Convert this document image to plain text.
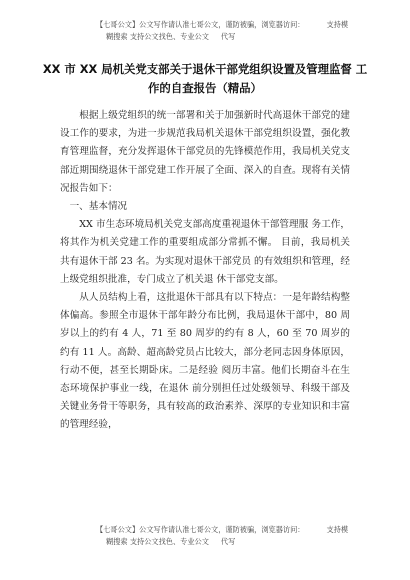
【七哥公文】公文写作请认准七哥公文，谨防被骗，浏览器访问：	支持模
糊搜索 支持公文找色、专业公文 代写
XX 市 XX 局机关党支部关于退休干部党组织设置及管理监督 工作的自查报告（精品）

根据上级党组织的统一部署和关于加强新时代高退休干部党的建设工作的要求，为进一步规范我局机关退休干部党组织设置，强化教育管理监督，充分发挥退休干部党员的先锋模范作用，我局机关党支部近期围绕退休干部党建工作开展了全面、深入的自查。现将有关情况报告如下：

一、基本情况

XX 市生态环境局机关党支部高度重视退休干部管理服 务工作，将其作为机关党建工作的重要组成部分常抓不懈。 目前，我局机关共有退休干部 23 名。为实现对退休干部党员 的有效组织和管理，经上级党组织批准，专门成立了机关退 休干部党支部。

从人员结构上看，这批退休干部具有以下特点：一是年龄结构整体偏高。参照全市退休干部年龄分布比例，我局退休干部中，80 周岁以上的约有 4 人，71 至 80 周岁的约有 8 人，60 至 70 周岁的约有 11 人。高龄、超高龄党员占比较大，部分老同志因身体原因，行动不便，甚至长期卧床。二是经验 阅历丰富。他们长期奋斗在生态环境保护事业一线，在退休 前分别担任过处级领导、科级干部及关键业务骨干等职务，具有较高的政治素养、深厚的专业知识和丰富的管理经验，

【七哥公文】公文写作请认准七哥公文，谨防被骗，浏览器访问：	支持模
糊搜索 支持公文找色、专业公文 代写
